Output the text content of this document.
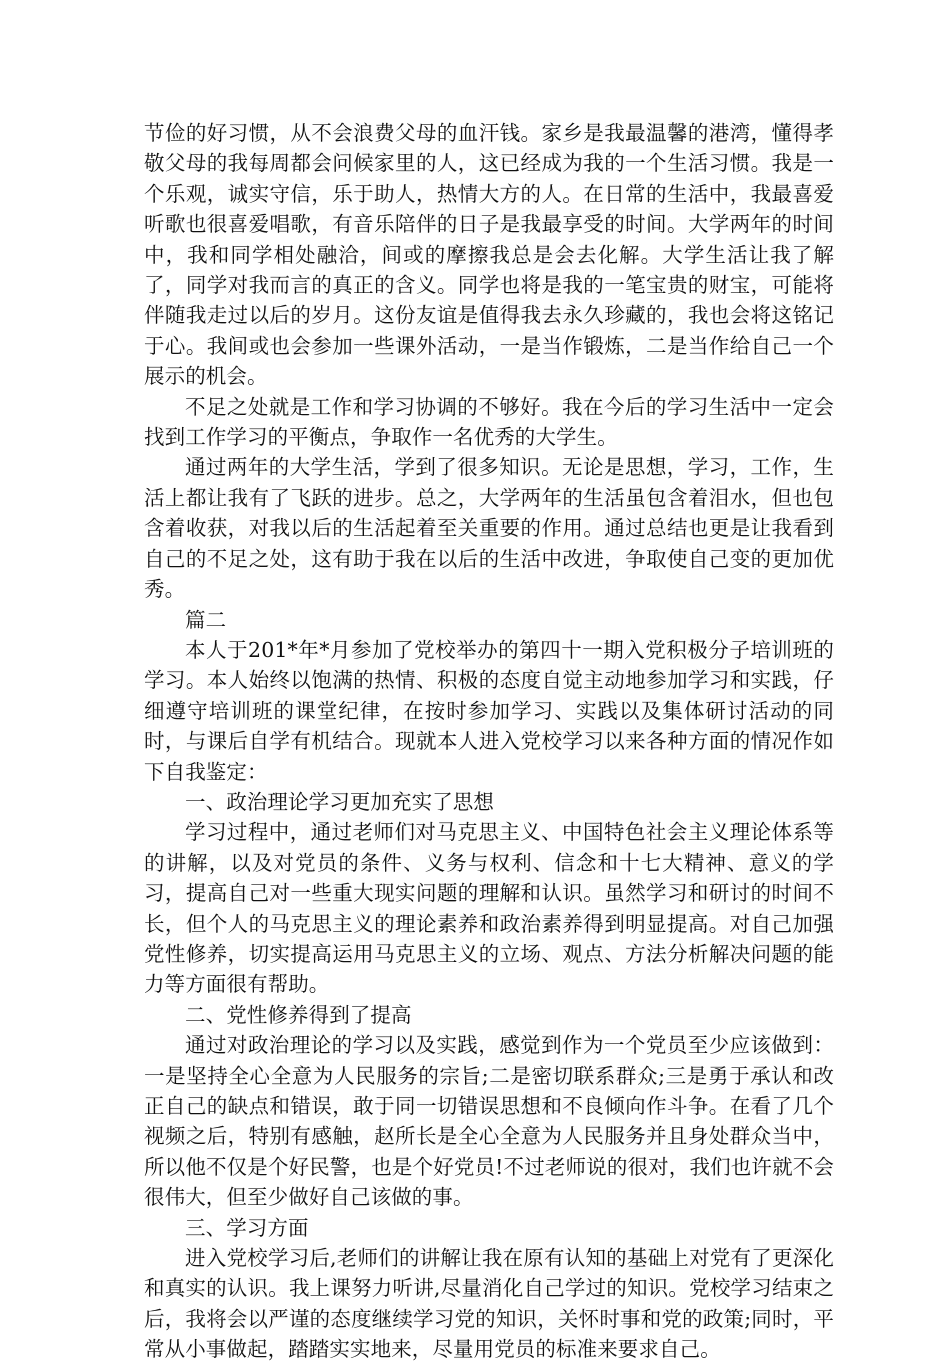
节俭的好习惯，从不会浪费父母的血汗钱。家乡是我最温馨的港湾，懂得孝敬父母的我每周都会问候家里的人，这已经成为我的一个生活习惯。我是一个乐观，诚实守信，乐于助人，热情大方的人。在日常的生活中，我最喜爱听歌也很喜爱唱歌，有音乐陪伴的日子是我最享受的时间。大学两年的时间中，我和同学相处融洽，间或的摩擦我总是会去化解。大学生活让我了解了，同学对我而言的真正的含义。同学也将是我的一笔宝贵的财宝，可能将伴随我走过以后的岁月。这份友谊是值得我去永久珍藏的，我也会将这铭记于心。我间或也会参加一些课外活动，一是当作锻炼，二是当作给自己一个展示的机会。

不足之处就是工作和学习协调的不够好。我在今后的学习生活中一定会找到工作学习的平衡点，争取作一名优秀的大学生。

通过两年的大学生活，学到了很多知识。无论是思想，学习，工作，生活上都让我有了飞跃的进步。总之，大学两年的生活虽包含着泪水，但也包含着收获，对我以后的生活起着至关重要的作用。通过总结也更是让我看到自己的不足之处，这有助于我在以后的生活中改进，争取使自己变的更加优秀。

篇二

本人于201*年*月参加了党校举办的第四十一期入党积极分子培训班的学习。本人始终以饱满的热情、积极的态度自觉主动地参加学习和实践，仔细遵守培训班的课堂纪律，在按时参加学习、实践以及集体研讨活动的同时，与课后自学有机结合。现就本人进入党校学习以来各种方面的情况作如下自我鉴定：

一、政治理论学习更加充实了思想

学习过程中，通过老师们对马克思主义、中国特色社会主义理论体系等的讲解，以及对党员的条件、义务与权利、信念和十七大精神、意义的学习，提高自己对一些重大现实问题的理解和认识。虽然学习和研讨的时间不长，但个人的马克思主义的理论素养和政治素养得到明显提高。对自己加强党性修养，切实提高运用马克思主义的立场、观点、方法分析解决问题的能力等方面很有帮助。

二、党性修养得到了提高

通过对政治理论的学习以及实践，感觉到作为一个党员至少应该做到：一是坚持全心全意为人民服务的宗旨;二是密切联系群众;三是勇于承认和改正自己的缺点和错误，敢于同一切错误思想和不良倾向作斗争。在看了几个视频之后，特别有感触，赵所长是全心全意为人民服务并且身处群众当中，所以他不仅是个好民警，也是个好党员!不过老师说的很对，我们也许就不会很伟大，但至少做好自己该做的事。

三、学习方面

进入党校学习后,老师们的讲解让我在原有认知的基础上对党有了更深化和真实的认识。我上课努力听讲,尽量消化自己学过的知识。党校学习结束之后，我将会以严谨的态度继续学习党的知识，关怀时事和党的政策;同时，平常从小事做起，踏踏实实地来，尽量用党员的标准来要求自己。
